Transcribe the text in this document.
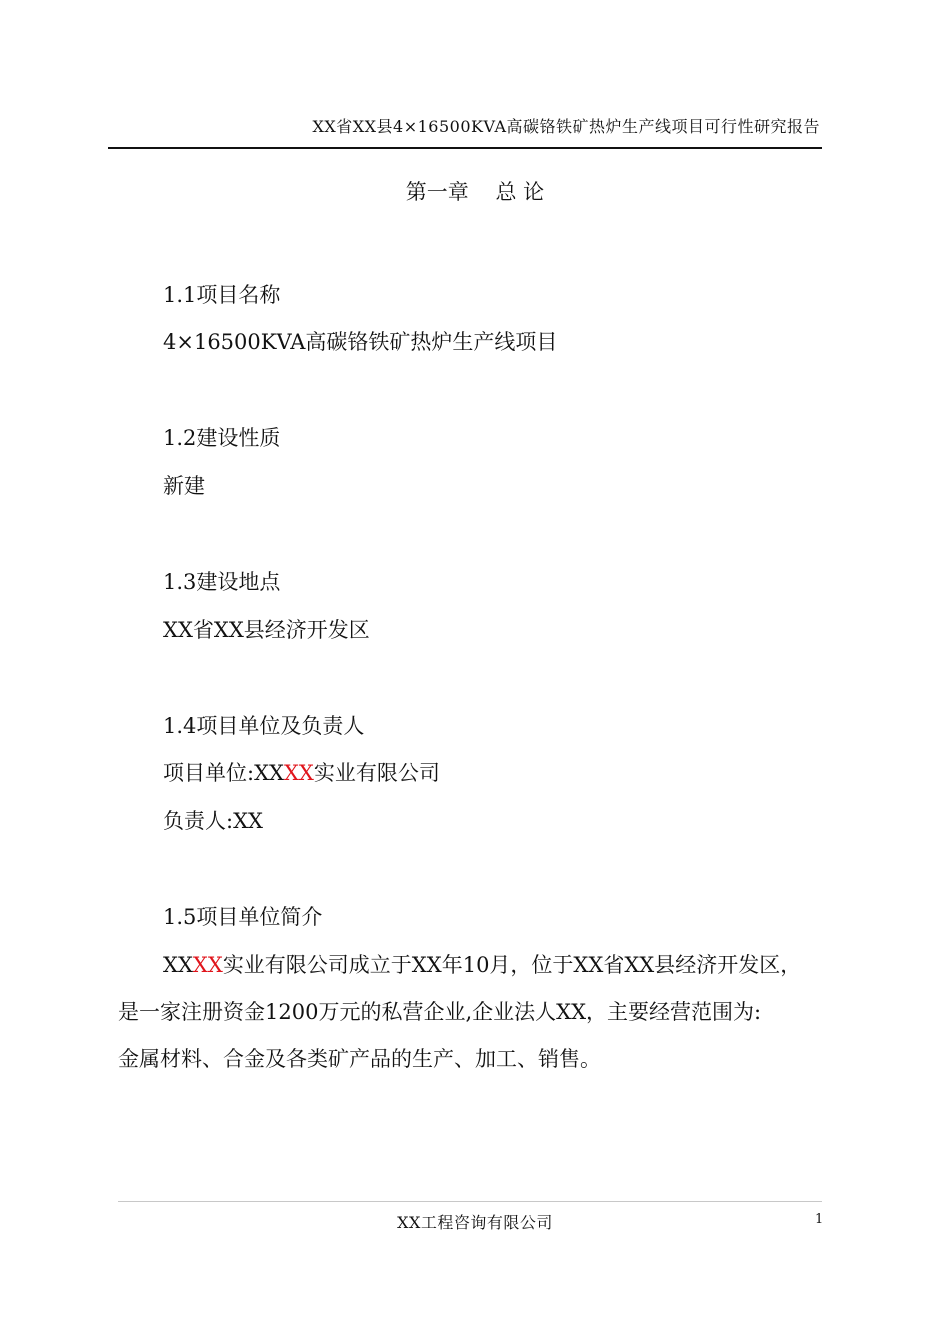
XX省XX县4×16500KVA高碳铬铁矿热炉生产线项目可行性研究报告
第一章    总 论
1.1项目名称
4×16500KVA高碳铬铁矿热炉生产线项目
1.2建设性质
新建
1.3建设地点
XX省XX县经济开发区
1.4项目单位及负责人
项目单位:XXXX实业有限公司
负责人:XX
1.5项目单位简介
XXXX实业有限公司成立于XX年10月，位于XX省XX县经济开发区，
是一家注册资金1200万元的私营企业,企业法人XX，主要经营范围为:
金属材料、合金及各类矿产品的生产、加工、销售。
XX工程咨询有限公司	1
